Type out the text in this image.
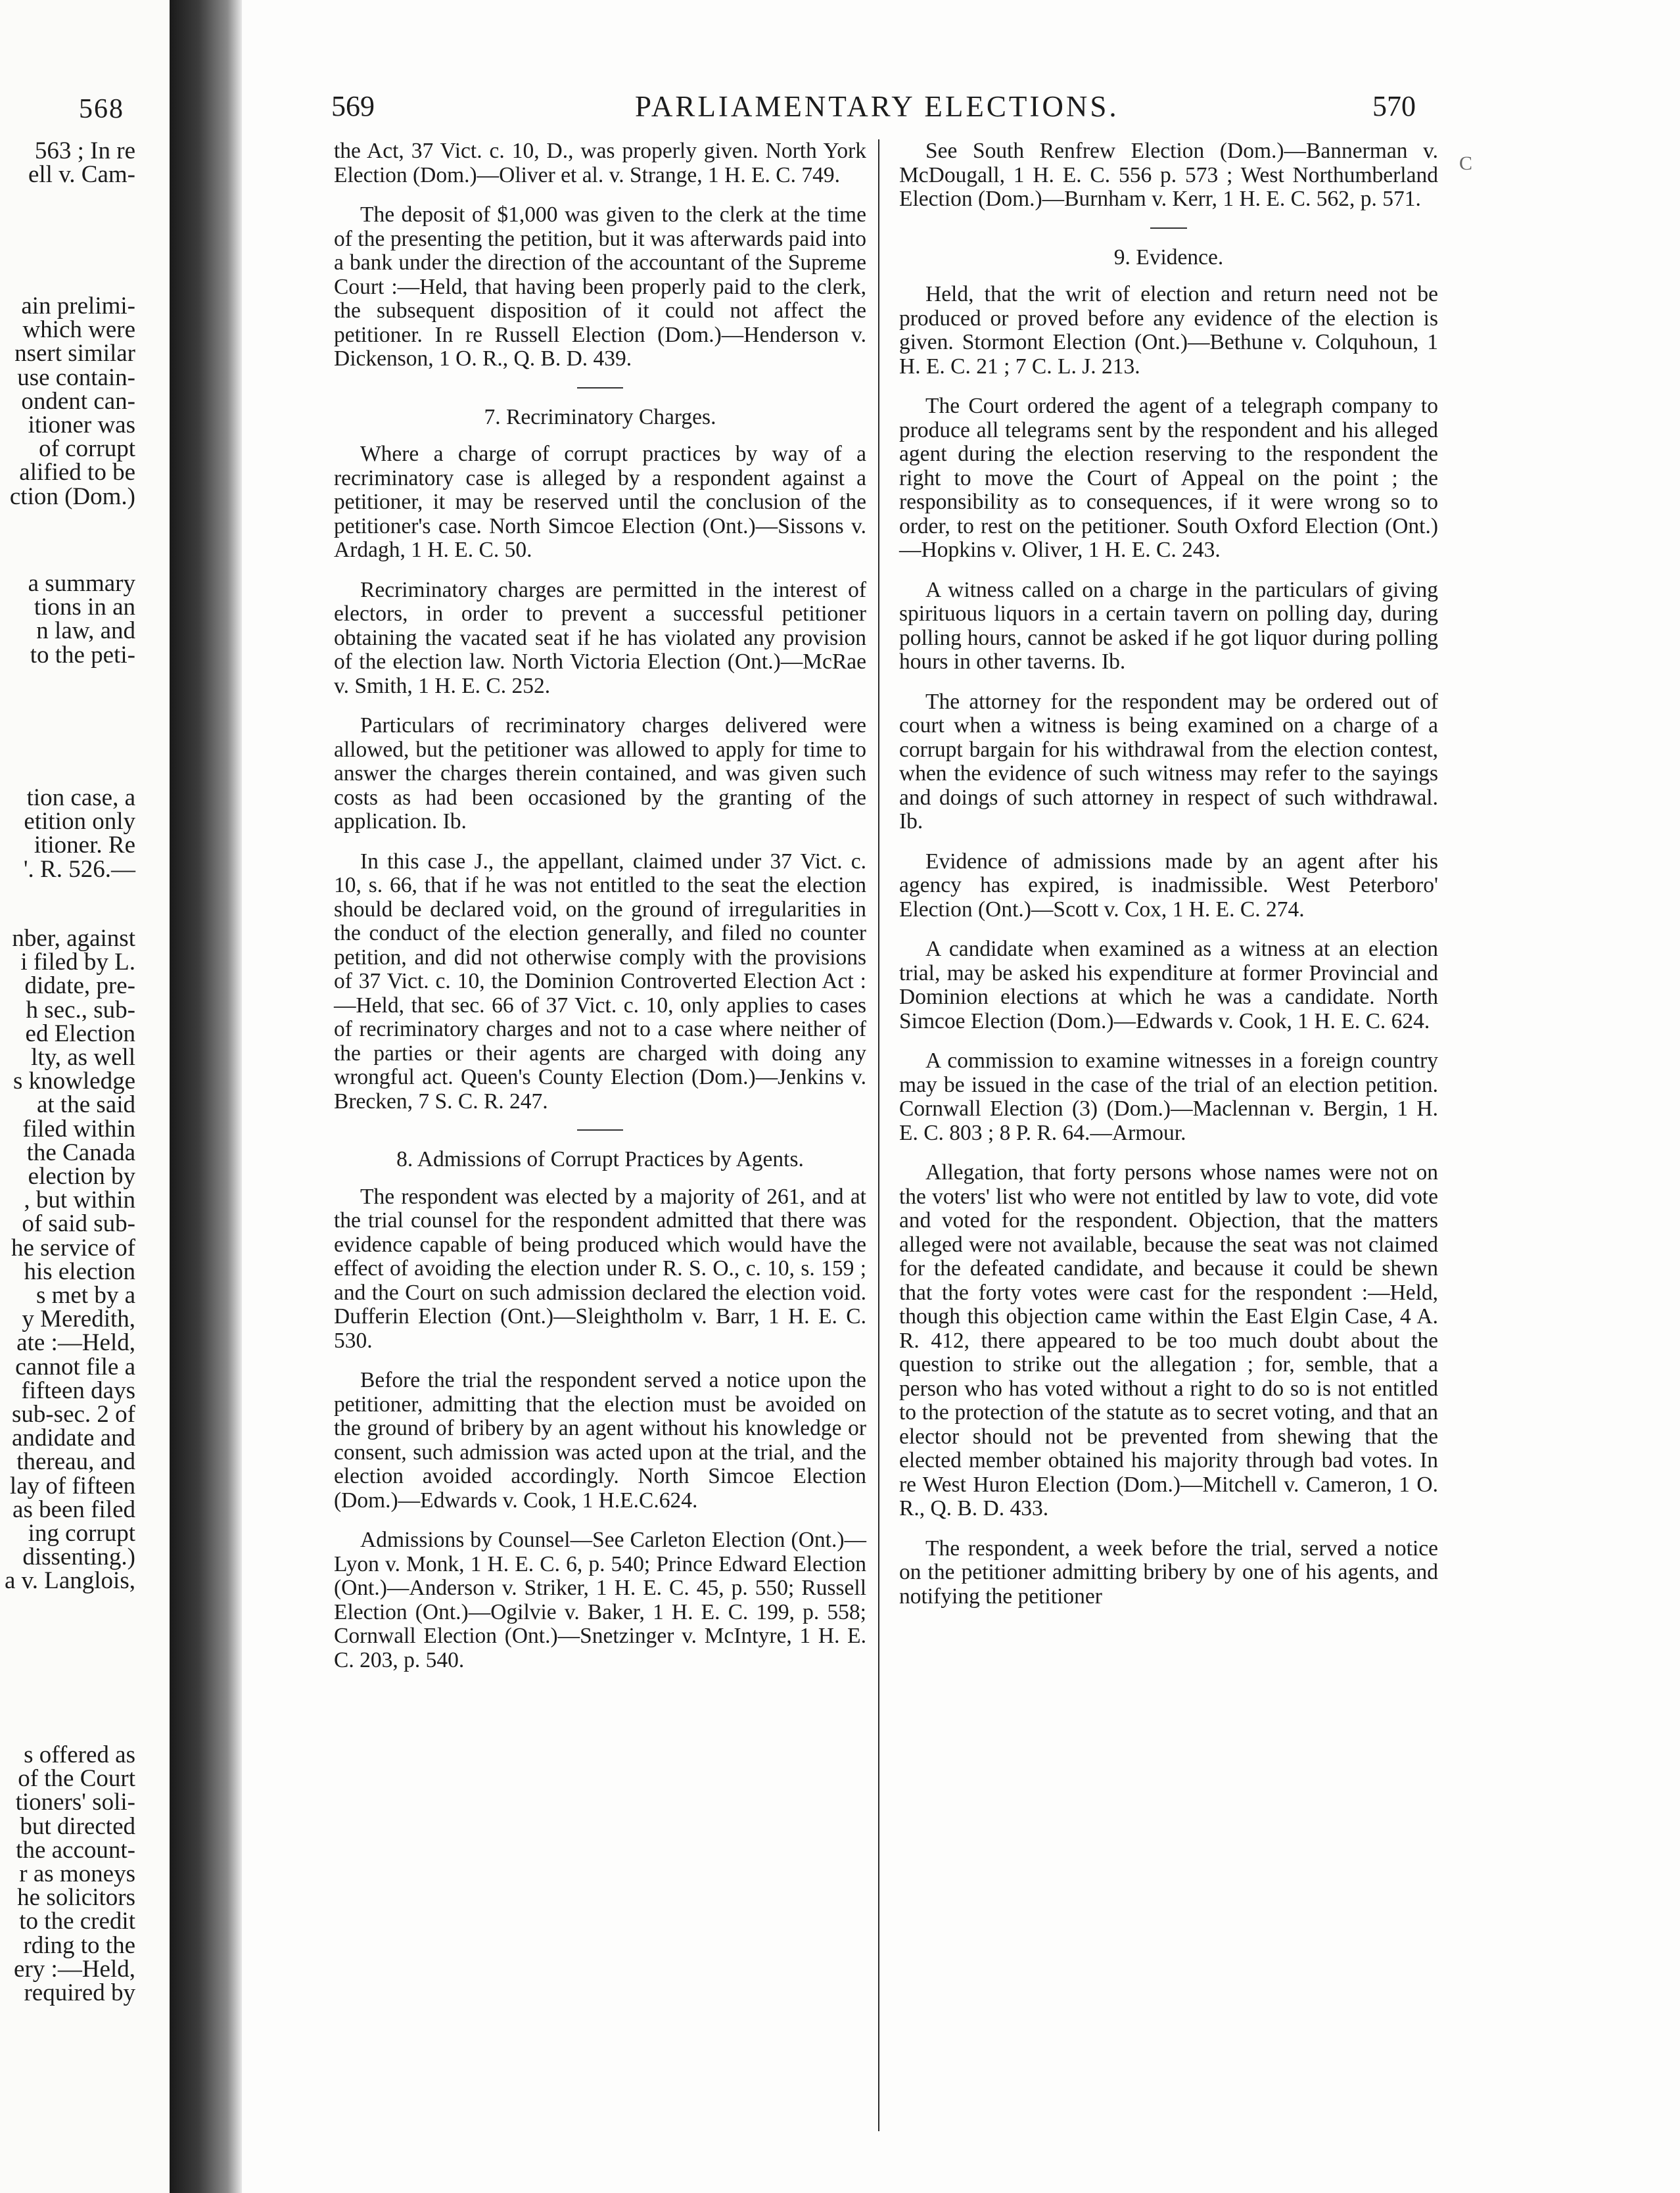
568
563 ; In re
ell v. Cam-
ain prelimi-
which were
nsert similar
use contain-
ondent can-
itioner was
of corrupt
alified to be
ction (Dom.)
a summary
tions in an
n law, and
to the peti-
tion case, a
etition only
itioner. Re
'. R. 526.—
nber, against
i filed by L.
didate, pre-
h sec., sub-
ed Election
lty, as well
s knowledge
at the said
filed within
the Canada
election by
, but within
of said sub-
he service of
his election
s met by a
y Meredith,
ate :—Held,
cannot file a
fifteen days
sub-sec. 2 of
andidate and
thereau, and
lay of fifteen
as been filed
ing corrupt
dissenting.)
a v. Langlois,
s offered as
of the Court
tioners' soli-
but directed
the account-
r as moneys
he solicitors
to the credit
rding to the
ery :—Held,
required by
569	PARLIAMENTARY ELECTIONS.	570
C

the Act, 37 Vict. c. 10, D., was properly given. North York Election (Dom.)—Oliver et al. v. Strange, 1 H. E. C. 749.

The deposit of $1,000 was given to the clerk at the time of the presenting the petition, but it was afterwards paid into a bank under the direction of the accountant of the Supreme Court :—Held, that having been properly paid to the clerk, the subsequent disposition of it could not affect the petitioner. In re Russell Election (Dom.)—Henderson v. Dickenson, 1 O. R., Q. B. D. 439.

7. Recriminatory Charges.

Where a charge of corrupt practices by way of a recriminatory case is alleged by a respondent against a petitioner, it may be reserved until the conclusion of the petitioner's case. North Simcoe Election (Ont.)—Sissons v. Ardagh, 1 H. E. C. 50.

Recriminatory charges are permitted in the interest of electors, in order to prevent a successful petitioner obtaining the vacated seat if he has violated any provision of the election law. North Victoria Election (Ont.)—McRae v. Smith, 1 H. E. C. 252.

Particulars of recriminatory charges delivered were allowed, but the petitioner was allowed to apply for time to answer the charges therein contained, and was given such costs as had been occasioned by the granting of the application. Ib.

In this case J., the appellant, claimed under 37 Vict. c. 10, s. 66, that if he was not entitled to the seat the election should be declared void, on the ground of irregularities in the conduct of the election generally, and filed no counter petition, and did not otherwise comply with the provisions of 37 Vict. c. 10, the Dominion Controverted Election Act :—Held, that sec. 66 of 37 Vict. c. 10, only applies to cases of recriminatory charges and not to a case where neither of the parties or their agents are charged with doing any wrongful act. Queen's County Election (Dom.)—Jenkins v. Brecken, 7 S. C. R. 247.

8. Admissions of Corrupt Practices by Agents.

The respondent was elected by a majority of 261, and at the trial counsel for the respondent admitted that there was evidence capable of being produced which would have the effect of avoiding the election under R. S. O., c. 10, s. 159 ; and the Court on such admission declared the election void. Dufferin Election (Ont.)—Sleightholm v. Barr, 1 H. E. C. 530.

Before the trial the respondent served a notice upon the petitioner, admitting that the election must be avoided on the ground of bribery by an agent without his knowledge or consent, such admission was acted upon at the trial, and the election avoided accordingly. North Simcoe Election (Dom.)—Edwards v. Cook, 1 H.E.C.624.

Admissions by Counsel—See Carleton Election (Ont.)—Lyon v. Monk, 1 H. E. C. 6, p. 540; Prince Edward Election (Ont.)—Anderson v. Striker, 1 H. E. C. 45, p. 550; Russell Election (Ont.)—Ogilvie v. Baker, 1 H. E. C. 199, p. 558; Cornwall Election (Ont.)—Snetzinger v. McIntyre, 1 H. E. C. 203, p. 540.

See South Renfrew Election (Dom.)—Bannerman v. McDougall, 1 H. E. C. 556 p. 573 ; West Northumberland Election (Dom.)—Burnham v. Kerr, 1 H. E. C. 562, p. 571.

9. Evidence.

Held, that the writ of election and return need not be produced or proved before any evidence of the election is given. Stormont Election (Ont.)—Bethune v. Colquhoun, 1 H. E. C. 21 ; 7 C. L. J. 213.

The Court ordered the agent of a telegraph company to produce all telegrams sent by the respondent and his alleged agent during the election reserving to the respondent the right to move the Court of Appeal on the point ; the responsibility as to consequences, if it were wrong so to order, to rest on the petitioner. South Oxford Election (Ont.)—Hopkins v. Oliver, 1 H. E. C. 243.

A witness called on a charge in the particulars of giving spirituous liquors in a certain tavern on polling day, during polling hours, cannot be asked if he got liquor during polling hours in other taverns. Ib.

The attorney for the respondent may be ordered out of court when a witness is being examined on a charge of a corrupt bargain for his withdrawal from the election contest, when the evidence of such witness may refer to the sayings and doings of such attorney in respect of such withdrawal. Ib.

Evidence of admissions made by an agent after his agency has expired, is inadmissible. West Peterboro' Election (Ont.)—Scott v. Cox, 1 H. E. C. 274.

A candidate when examined as a witness at an election trial, may be asked his expenditure at former Provincial and Dominion elections at which he was a candidate. North Simcoe Election (Dom.)—Edwards v. Cook, 1 H. E. C. 624.

A commission to examine witnesses in a foreign country may be issued in the case of the trial of an election petition. Cornwall Election (3) (Dom.)—Maclennan v. Bergin, 1 H. E. C. 803 ; 8 P. R. 64.—Armour.

Allegation, that forty persons whose names were not on the voters' list who were not entitled by law to vote, did vote and voted for the respondent. Objection, that the matters alleged were not available, because the seat was not claimed for the defeated candidate, and because it could be shewn that the forty votes were cast for the respondent :—Held, though this objection came within the East Elgin Case, 4 A. R. 412, there appeared to be too much doubt about the question to strike out the allegation ; for, semble, that a person who has voted without a right to do so is not entitled to the protection of the statute as to secret voting, and that an elector should not be prevented from shewing that the elected member obtained his majority through bad votes. In re West Huron Election (Dom.)—Mitchell v. Cameron, 1 O. R., Q. B. D. 433.

The respondent, a week before the trial, served a notice on the petitioner admitting bribery by one of his agents, and notifying the petitioner
